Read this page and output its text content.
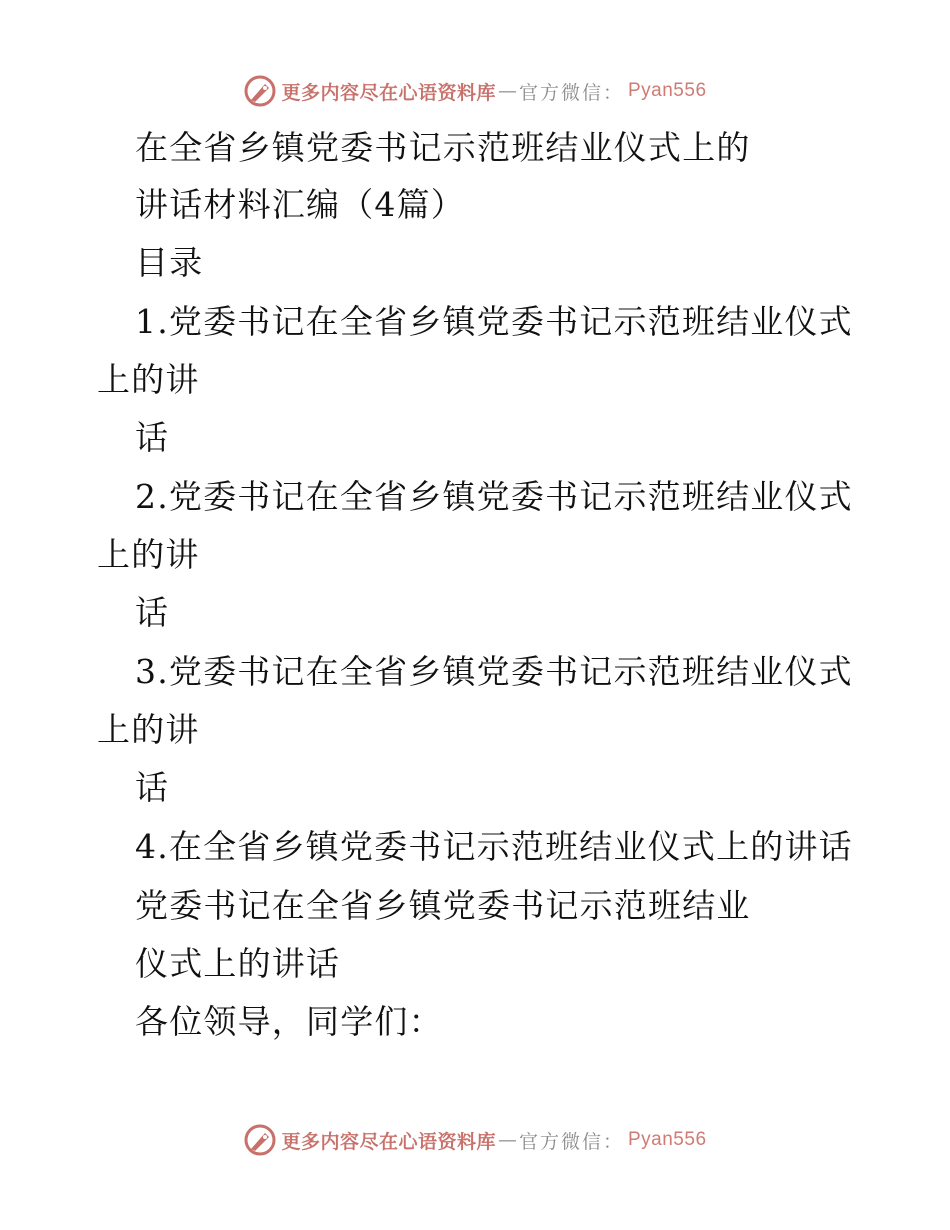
更多内容尽在心语资料库 — 官方微信： Pyan556
在全省乡镇党委书记示范班结业仪式上的
讲话材料汇编（4篇）
目录
1.党委书记在全省乡镇党委书记示范班结业仪式
上的讲
话
2.党委书记在全省乡镇党委书记示范班结业仪式
上的讲
话
3.党委书记在全省乡镇党委书记示范班结业仪式
上的讲
话
4.在全省乡镇党委书记示范班结业仪式上的讲话
党委书记在全省乡镇党委书记示范班结业
仪式上的讲话
各位领导，同学们：
更多内容尽在心语资料库 — 官方微信： Pyan556
